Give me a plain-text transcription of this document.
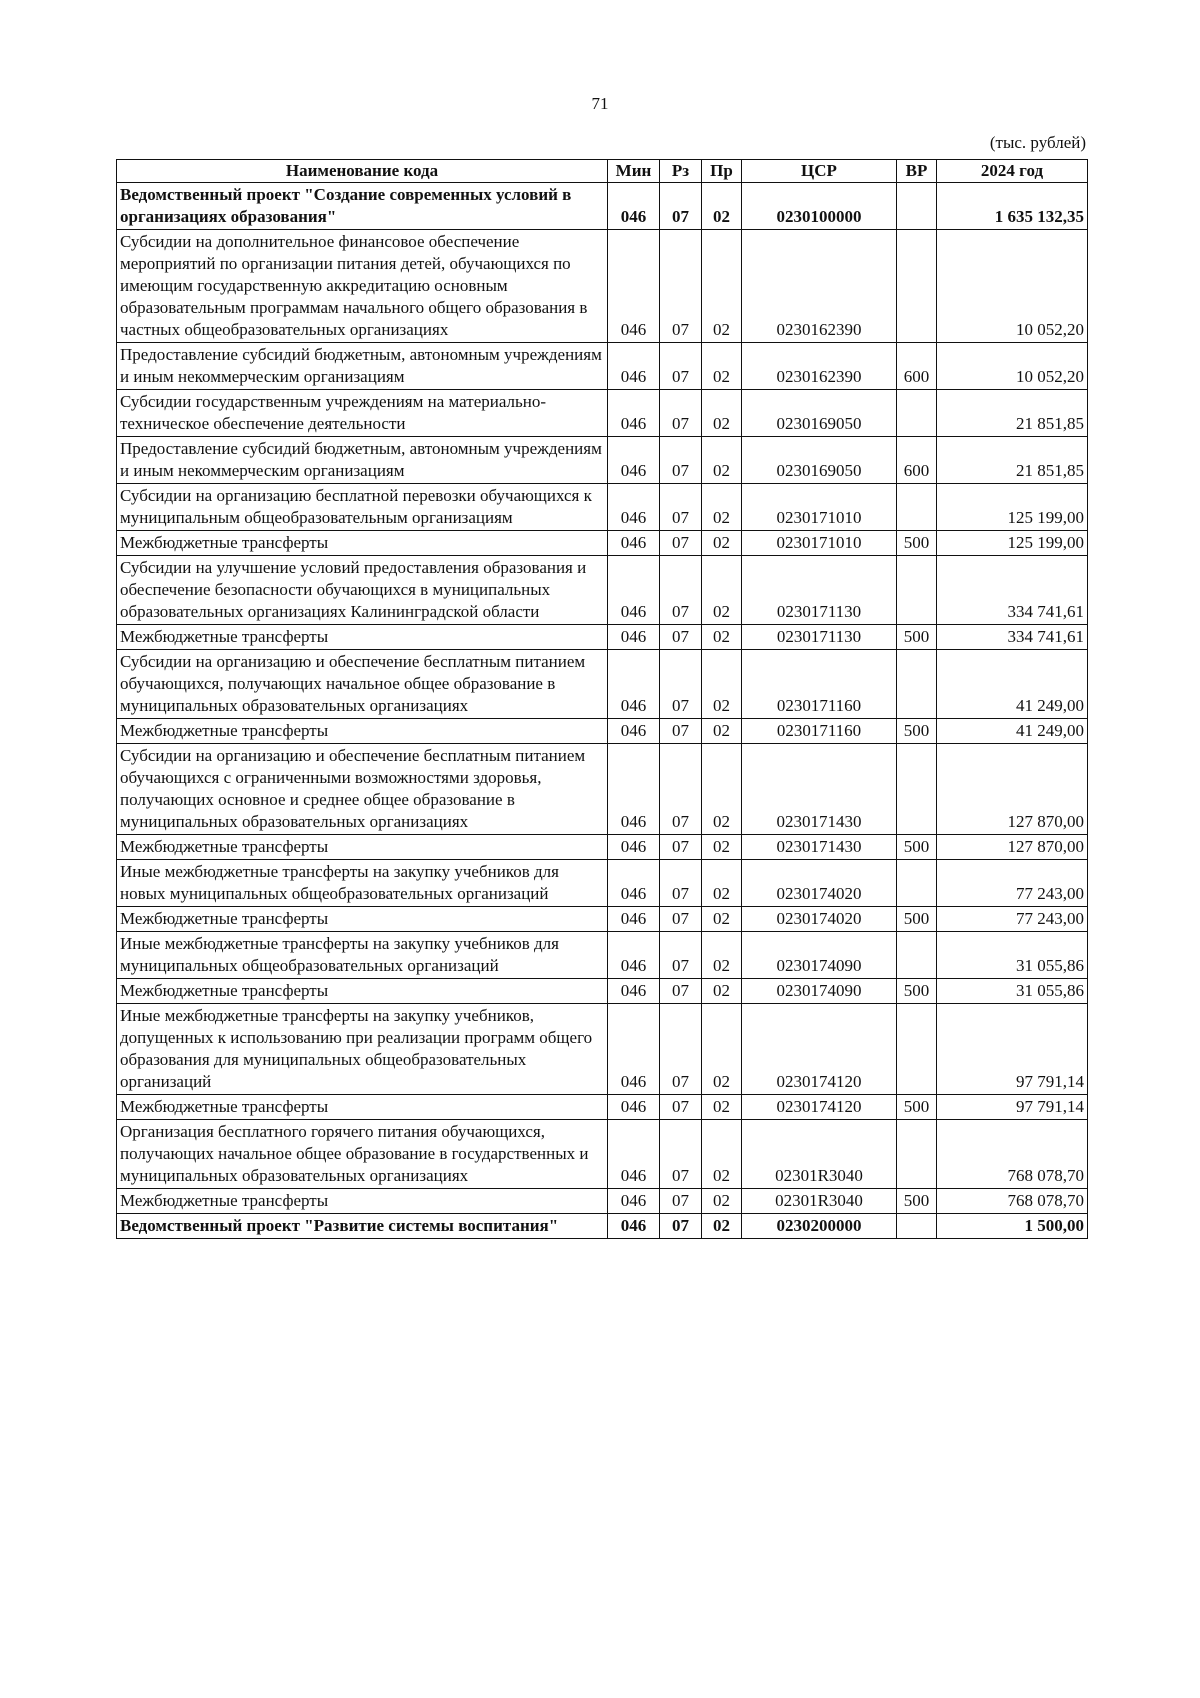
71
(тыс. рублей)
Наименование кода	Мин	Рз	Пр	ЦСР	ВР	2024 год
Ведомственный проект "Создание современных условий в организациях образования"	046	07	02	0230100000		1 635 132,35
Субсидии на дополнительное финансовое обеспечение мероприятий по организации питания детей, обучающихся по имеющим государственную аккредитацию основным образовательным программам начального общего образования в частных общеобразовательных организациях	046	07	02	0230162390		10 052,20
Предоставление субсидий бюджетным, автономным учреждениям и иным некоммерческим организациям	046	07	02	0230162390	600	10 052,20
Субсидии государственным учреждениям на материально-техническое обеспечение деятельности	046	07	02	0230169050		21 851,85
Предоставление субсидий бюджетным, автономным учреждениям и иным некоммерческим организациям	046	07	02	0230169050	600	21 851,85
Субсидии на организацию бесплатной перевозки обучающихся к муниципальным общеобразовательным организациям	046	07	02	0230171010		125 199,00
Межбюджетные трансферты	046	07	02	0230171010	500	125 199,00
Субсидии на улучшение условий предоставления образования и обеспечение безопасности обучающихся в муниципальных образовательных организациях Калининградской области	046	07	02	0230171130		334 741,61
Межбюджетные трансферты	046	07	02	0230171130	500	334 741,61
Субсидии на организацию и обеспечение бесплатным питанием обучающихся, получающих начальное общее образование в муниципальных образовательных организациях	046	07	02	0230171160		41 249,00
Межбюджетные трансферты	046	07	02	0230171160	500	41 249,00
Субсидии на организацию и обеспечение бесплатным питанием обучающихся с ограниченными возможностями здоровья, получающих основное и среднее общее образование в муниципальных образовательных организациях	046	07	02	0230171430		127 870,00
Межбюджетные трансферты	046	07	02	0230171430	500	127 870,00
Иные межбюджетные трансферты на закупку учебников для новых муниципальных общеобразовательных организаций	046	07	02	0230174020		77 243,00
Межбюджетные трансферты	046	07	02	0230174020	500	77 243,00
Иные межбюджетные трансферты на закупку учебников для муниципальных общеобразовательных организаций	046	07	02	0230174090		31 055,86
Межбюджетные трансферты	046	07	02	0230174090	500	31 055,86
Иные межбюджетные трансферты на закупку учебников, допущенных к использованию при реализации программ общего образования для муниципальных общеобразовательных организаций	046	07	02	0230174120		97 791,14
Межбюджетные трансферты	046	07	02	0230174120	500	97 791,14
Организация бесплатного горячего питания обучающихся, получающих начальное общее образование в государственных и муниципальных образовательных организациях	046	07	02	02301R3040		768 078,70
Межбюджетные трансферты	046	07	02	02301R3040	500	768 078,70
Ведомственный проект "Развитие системы воспитания"	046	07	02	0230200000		1 500,00
